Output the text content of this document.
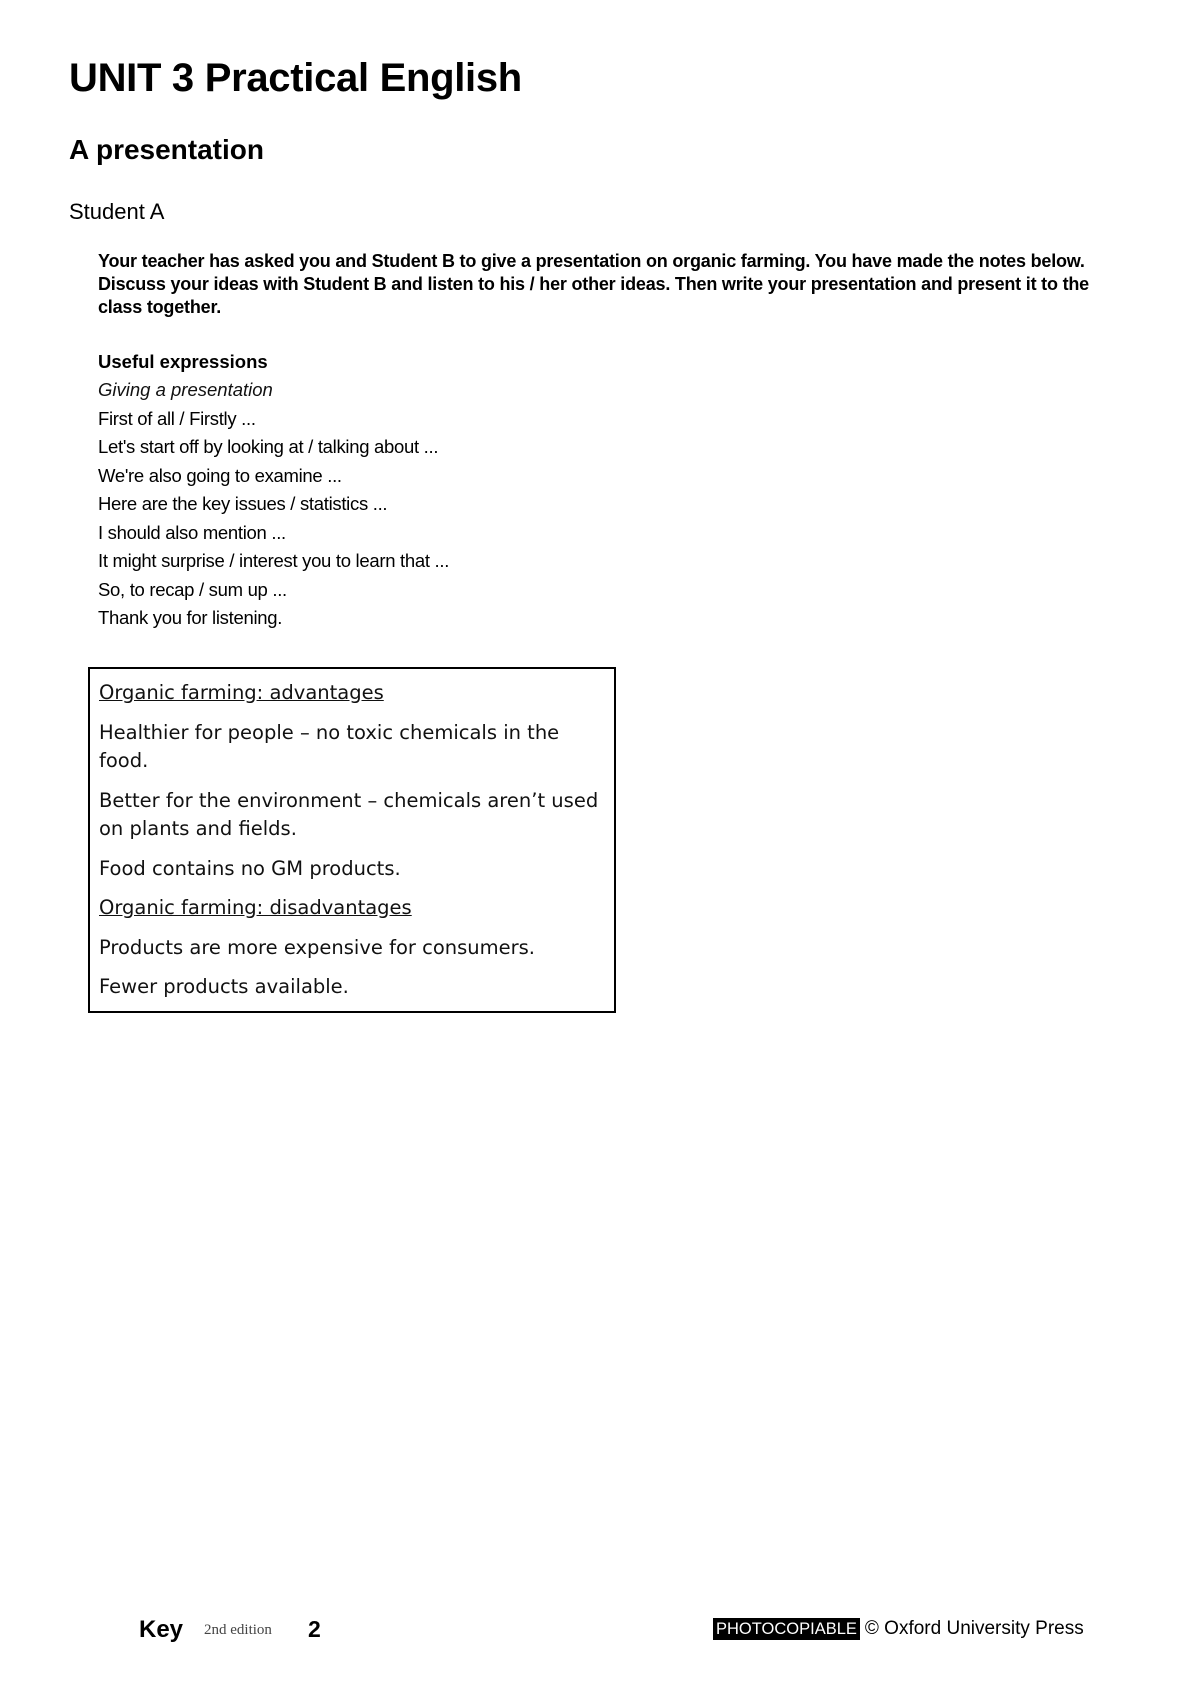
UNIT 3 Practical English
A presentation
Student A

Your teacher has asked you and Student B to give a presentation on organic farming. You have made the notes below. Discuss your ideas with Student B and listen to his / her other ideas. Then write your presentation and present it to the class together.

Useful expressions

Giving a presentation

First of all / Firstly ...
Let's start off by looking at / talking about ...
We're also going to examine ...
Here are the key issues / statistics ...
I should also mention ...
It might surprise / interest you to learn that ...
So, to recap / sum up ...
Thank you for listening.

Organic farming: advantages

Healthier for people – no toxic chemicals in the food.

Better for the environment – chemicals aren’t used on plants and fields.

Food contains no GM products.

Organic farming: disadvantages

Products are more expensive for consumers.

Fewer products available.

Key 2nd edition 2	PHOTOCOPIABLE © Oxford University Press
